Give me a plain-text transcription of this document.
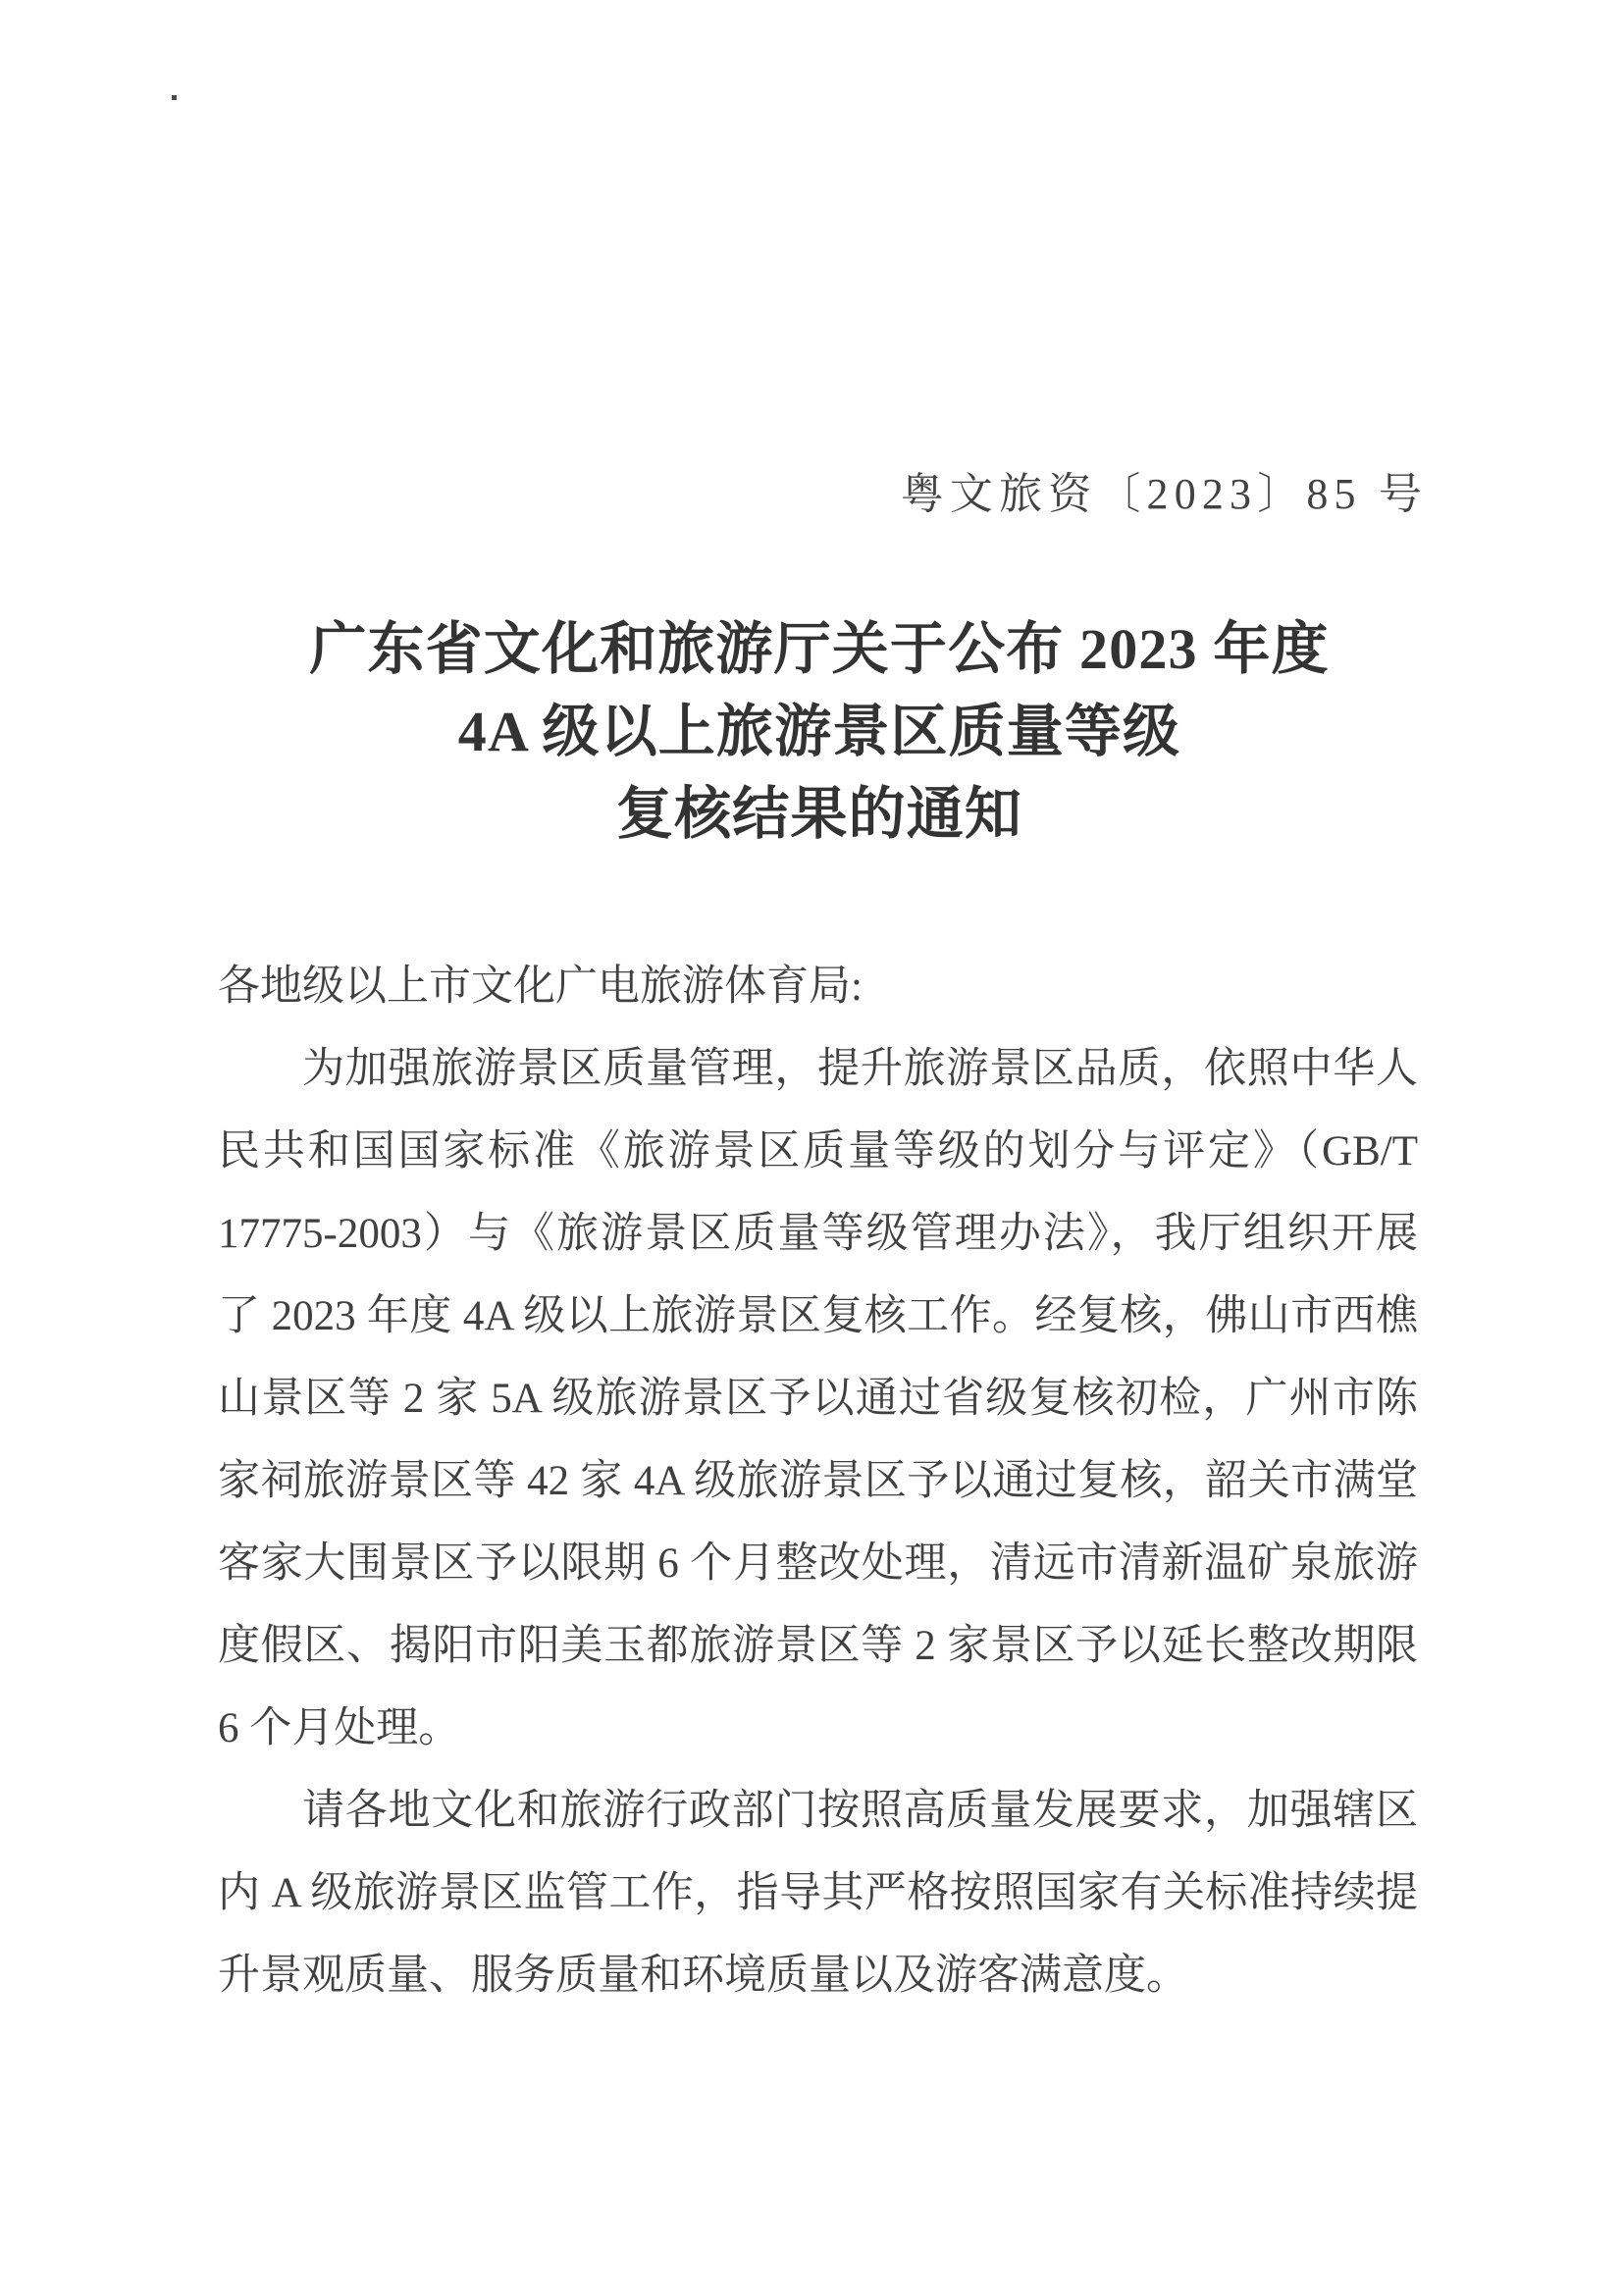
粤文旅资〔2023〕85 号
广东省文化和旅游厅关于公布 2023 年度
4A 级以上旅游景区质量等级
复核结果的通知
各地级以上市文化广电旅游体育局:
为加强旅游景区质量管理，提升旅游景区品质，依照中华人
民共和国国家标准《旅游景区质量等级的划分与评定》（GB/T
17775-2003）与《旅游景区质量等级管理办法》，我厅组织开展
了 2023 年度 4A 级以上旅游景区复核工作。经复核，佛山市西樵
山景区等 2 家 5A 级旅游景区予以通过省级复核初检，广州市陈
家祠旅游景区等 42 家 4A 级旅游景区予以通过复核，韶关市满堂
客家大围景区予以限期 6 个月整改处理，清远市清新温矿泉旅游
度假区、揭阳市阳美玉都旅游景区等 2 家景区予以延长整改期限
6 个月处理。
请各地文化和旅游行政部门按照高质量发展要求，加强辖区
内 A 级旅游景区监管工作，指导其严格按照国家有关标准持续提
升景观质量、服务质量和环境质量以及游客满意度。
